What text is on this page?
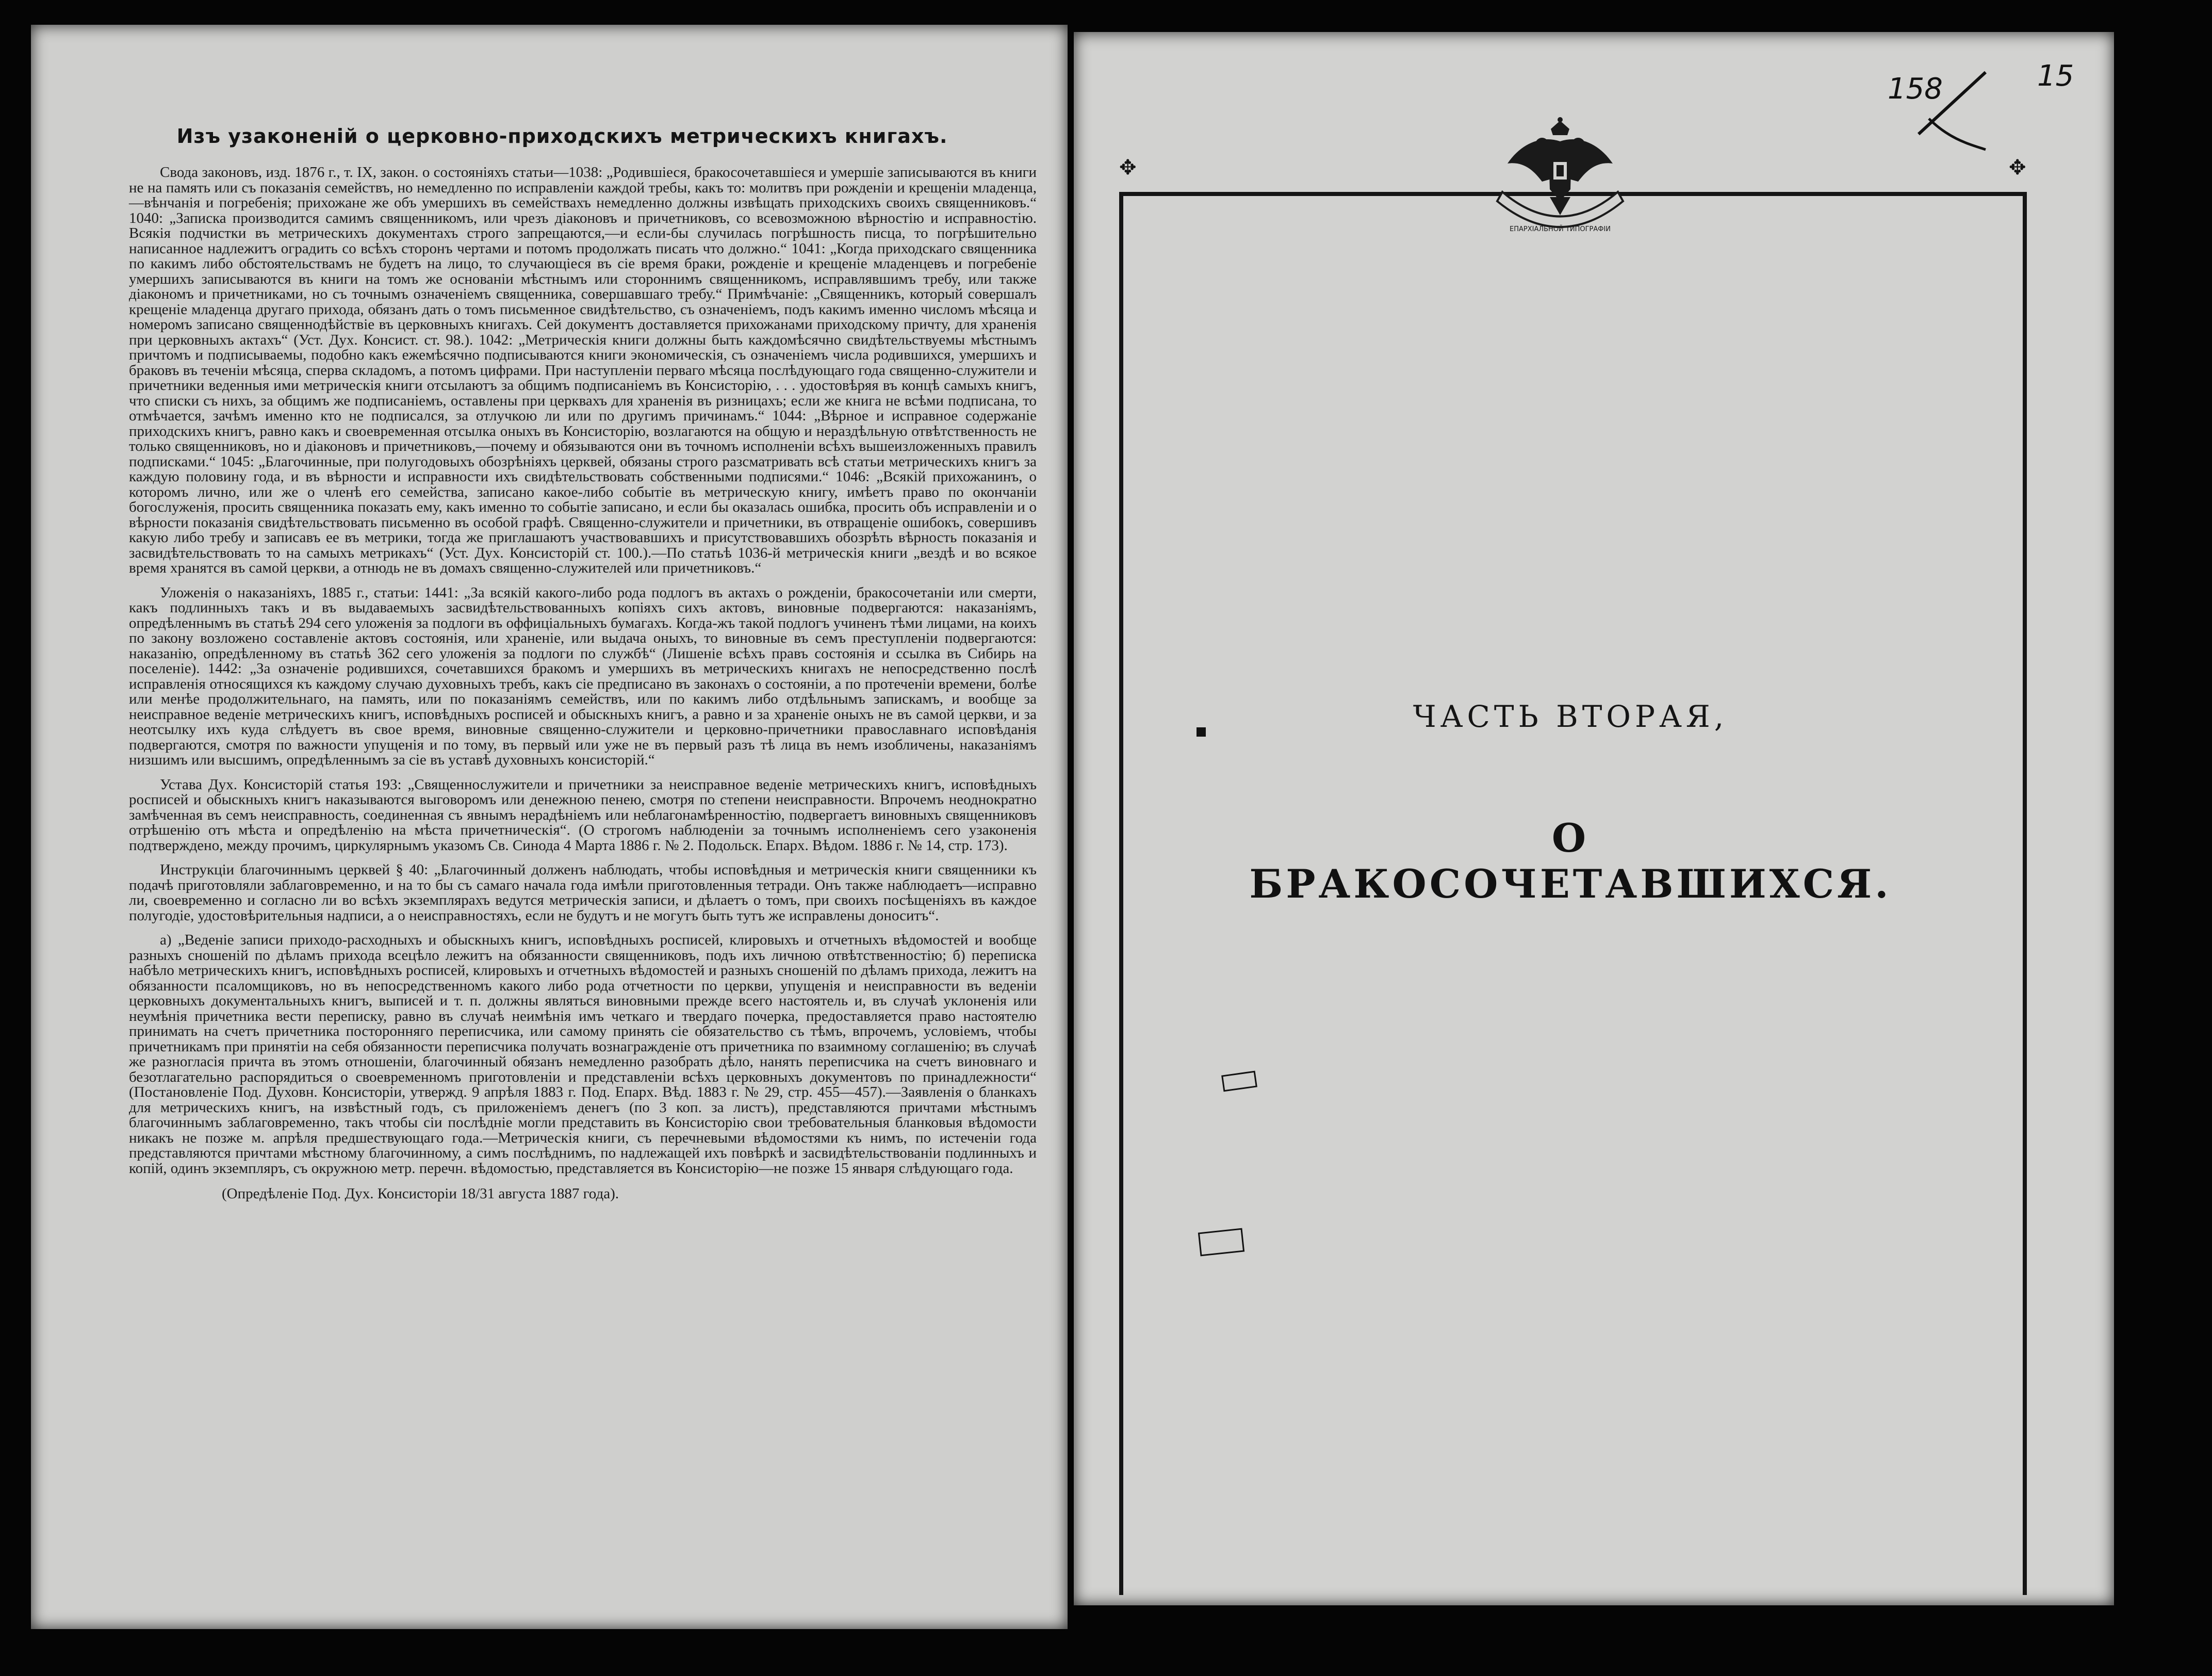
Изъ узаконеній о церковно-приходскихъ метрическихъ книгахъ.

Свода законовъ, изд. 1876 г., т. IX, закон. о состояніяхъ статьи—1038: „Родившіеся, бракосочетавшіеся и умершіе записываются въ книги не на память или съ показанія семействъ, но немедленно по исправленіи каждой требы, какъ то: молитвъ при рожденіи и крещеніи младенца,—вѣнчанія и погребенія; прихожане же объ умершихъ въ семействахъ немедленно должны извѣщать приходскихъ своихъ священниковъ.“ 1040: „Записка производится самимъ священникомъ, или чрезъ діаконовъ и причетниковъ, со всевозможною вѣрностію и исправностію. Всякія подчистки въ метрическихъ документахъ строго запрещаются,—и если-бы случилась погрѣшность писца, то погрѣшительно написанное надлежитъ оградить со всѣхъ сторонъ чертами и потомъ продолжать писать что должно.“ 1041: „Когда приходскаго священника по какимъ либо обстоятельствамъ не будетъ на лицо, то случающіеся въ сіе время браки, рожденіе и крещеніе младенцевъ и погребеніе умершихъ записываются въ книги на томъ же основаніи мѣстнымъ или стороннимъ священникомъ, исправлявшимъ требу, или также діакономъ и причетниками, но съ точнымъ означеніемъ священника, совершавшаго требу.“ Примѣчаніе: „Священникъ, который совершалъ крещеніе младенца другаго прихода, обязанъ дать о томъ письменное свидѣтельство, съ означеніемъ, подъ какимъ именно числомъ мѣсяца и номеромъ записано священнодѣйствіе въ церковныхъ книгахъ. Сей документъ доставляется прихожанами приходскому причту, для храненія при церковныхъ актахъ“ (Уст. Дух. Консист. ст. 98.). 1042: „Метрическія книги должны быть каждомѣсячно свидѣтельствуемы мѣстнымъ причтомъ и подписываемы, подобно какъ ежемѣсячно подписываются книги экономическія, съ означеніемъ числа родившихся, умершихъ и браковъ въ теченіи мѣсяца, сперва складомъ, а потомъ цифрами. При наступленіи перваго мѣсяца послѣдующаго года священно-служители и причетники веденныя ими метрическія книги отсылаютъ за общимъ подписаніемъ въ Консисторію, . . . удостовѣряя въ концѣ самыхъ книгъ, что списки съ нихъ, за общимъ же подписаніемъ, оставлены при церквахъ для храненія въ ризницахъ; если же книга не всѣми подписана, то отмѣчается, зачѣмъ именно кто не подписался, за отлучкою ли или по другимъ причинамъ.“ 1044: „Вѣрное и исправное содержаніе приходскихъ книгъ, равно какъ и своевременная отсылка оныхъ въ Консисторію, возлагаются на общую и нераздѣльную отвѣтственность не только священниковъ, но и діаконовъ и причетниковъ,—почему и обязываются они въ точномъ исполненіи всѣхъ вышеизложенныхъ правилъ подписками.“ 1045: „Благочинные, при полугодовыхъ обозрѣніяхъ церквей, обязаны строго разсматривать всѣ статьи метрическихъ книгъ за каждую половину года, и въ вѣрности и исправности ихъ свидѣтельствовать собственными подписями.“ 1046: „Всякій прихожанинъ, о которомъ лично, или же о членѣ его семейства, записано какое-либо событіе въ метрическую книгу, имѣетъ право по окончаніи богослуженія, просить священника показать ему, какъ именно то событіе записано, и если бы оказалась ошибка, просить объ исправленіи и о вѣрности показанія свидѣтельствовать письменно въ особой графѣ. Священно-служители и причетники, въ отвращеніе ошибокъ, совершивъ какую либо требу и записавъ ее въ метрики, тогда же приглашаютъ участвовавшихъ и присутствовавшихъ обозрѣть вѣрность показанія и засвидѣтельствовать то на самыхъ метрикахъ“ (Уст. Дух. Консисторій ст. 100.).—По статьѣ 1036-й метрическія книги „вездѣ и во всякое время хранятся въ самой церкви, а отнюдь не въ домахъ священно-служителей или причетниковъ.“

Уложенія о наказаніяхъ, 1885 г., статьи: 1441: „За всякій какого-либо рода подлогъ въ актахъ о рожденіи, бракосочетаніи или смерти, какъ подлинныхъ такъ и въ выдаваемыхъ засвидѣтельствованныхъ копіяхъ сихъ актовъ, виновные подвергаются: наказаніямъ, опредѣленнымъ въ статьѣ 294 сего уложенія за подлоги въ оффиціальныхъ бумагахъ. Когда-жъ такой подлогъ учиненъ тѣми лицами, на коихъ по закону возложено составленіе актовъ состоянія, или храненіе, или выдача оныхъ, то виновные въ семъ преступленіи подвергаются: наказанію, опредѣленному въ статьѣ 362 сего уложенія за подлоги по службѣ“ (Лишеніе всѣхъ правъ состоянія и ссылка въ Сибирь на поселеніе). 1442: „За означеніе родившихся, сочетавшихся бракомъ и умершихъ въ метрическихъ книгахъ не непосредственно послѣ исправленія относящихся къ каждому случаю духовныхъ требъ, какъ сіе предписано въ законахъ о состояніи, а по протеченіи времени, болѣе или менѣе продолжительнаго, на память, или по показаніямъ семействъ, или по какимъ либо отдѣльнымъ запискамъ, и вообще за неисправное веденіе метрическихъ книгъ, исповѣдныхъ росписей и обыскныхъ книгъ, а равно и за храненіе оныхъ не въ самой церкви, и за неотсылку ихъ куда слѣдуетъ въ свое время, виновные священно-служители и церковно-причетники православнаго исповѣданія подвергаются, смотря по важности упущенія и по тому, въ первый или уже не въ первый разъ тѣ лица въ немъ изобличены, наказаніямъ низшимъ или высшимъ, опредѣленнымъ за сіе въ уставѣ духовныхъ консисторій.“

Устава Дух. Консисторій статья 193: „Священнослужители и причетники за неисправное веденіе метрическихъ книгъ, исповѣдныхъ росписей и обыскныхъ книгъ наказываются выговоромъ или денежною пенею, смотря по степени неисправности. Впрочемъ неоднократно замѣченная въ семъ неисправность, соединенная съ явнымъ нерадѣніемъ или неблагонамѣренностію, подвергаетъ виновныхъ священниковъ отрѣшенію отъ мѣста и опредѣленію на мѣста причетническія“. (О строгомъ наблюденіи за точнымъ исполненіемъ сего узаконенія подтверждено, между прочимъ, циркулярнымъ указомъ Св. Синода 4 Марта 1886 г. № 2. Подольск. Епарх. Вѣдом. 1886 г. № 14, стр. 173).

Инструкціи благочиннымъ церквей § 40: „Благочинный долженъ наблюдать, чтобы исповѣдныя и метрическія книги священники къ подачѣ приготовляли заблаговременно, и на то бы съ самаго начала года имѣли приготовленныя тетради. Онъ также наблюдаетъ—исправно ли, своевременно и согласно ли во всѣхъ экземплярахъ ведутся метрическія записи, и дѣлаетъ о томъ, при своихъ посѣщеніяхъ въ каждое полугодіе, удостовѣрительныя надписи, а о неисправностяхъ, если не будутъ и не могутъ быть тутъ же исправлены доноситъ“.

а) „Веденіе записи приходо-расходныхъ и обыскныхъ книгъ, исповѣдныхъ росписей, клировыхъ и отчетныхъ вѣдомостей и вообще разныхъ сношеній по дѣламъ прихода всецѣло лежитъ на обязанности священниковъ, подъ ихъ личною отвѣтственностію; б) переписка набѣло метрическихъ книгъ, исповѣдныхъ росписей, клировыхъ и отчетныхъ вѣдомостей и разныхъ сношеній по дѣламъ прихода, лежитъ на обязанности псаломщиковъ, но въ непосредственномъ какого либо рода отчетности по церкви, упущенія и неисправности въ веденіи церковныхъ документальныхъ книгъ, выписей и т. п. должны являться виновными прежде всего настоятель и, въ случаѣ уклоненія или неумѣнія причетника вести переписку, равно въ случаѣ неимѣнія имъ четкаго и твердаго почерка, предоставляется право настоятелю принимать на счетъ причетника посторонняго переписчика, или самому принять сіе обязательство съ тѣмъ, впрочемъ, условіемъ, чтобы причетникамъ при принятіи на себя обязанности переписчика получать вознагражденіе отъ причетника по взаимному соглашенію; въ случаѣ же разногласія причта въ этомъ отношеніи, благочинный обязанъ немедленно разобрать дѣло, нанять переписчика на счетъ виновнаго и безотлагательно распорядиться о своевременномъ приготовленіи и представленіи всѣхъ церковныхъ документовъ по принадлежности“ (Постановленіе Под. Духовн. Консисторіи, утвержд. 9 апрѣля 1883 г. Под. Епарх. Вѣд. 1883 г. № 29, стр. 455—457).—Заявленія о бланкахъ для метрическихъ книгъ, на извѣстный годъ, съ приложеніемъ денегъ (по 3 коп. за листъ), представляются причтами мѣстнымъ благочиннымъ заблаговременно, такъ чтобы сіи послѣдніе могли представить въ Консисторію свои требовательныя бланковыя вѣдомости никакъ не позже м. апрѣля предшествующаго года.—Метрическія книги, съ перечневыми вѣдомостями къ нимъ, по истеченіи года представляются причтами мѣстному благочинному, а симъ послѣднимъ, по надлежащей ихъ повѣркѣ и засвидѣтельствованіи подлинныхъ и копій, одинъ экземпляръ, съ окружною метр. перечн. вѣдомостью, представляется въ Консисторію—не позже 15 января слѣдующаго года.

(Опредѣленіе Под. Дух. Консисторіи 18/31 августа 1887 года).

✥	✥
ЕПАРХІАЛЬНОЙ ТИПОГРАФІИ
ЧАСТЬ ВТОРАЯ,
О БРАКОСОЧЕТАВШИХСЯ.
158	15
